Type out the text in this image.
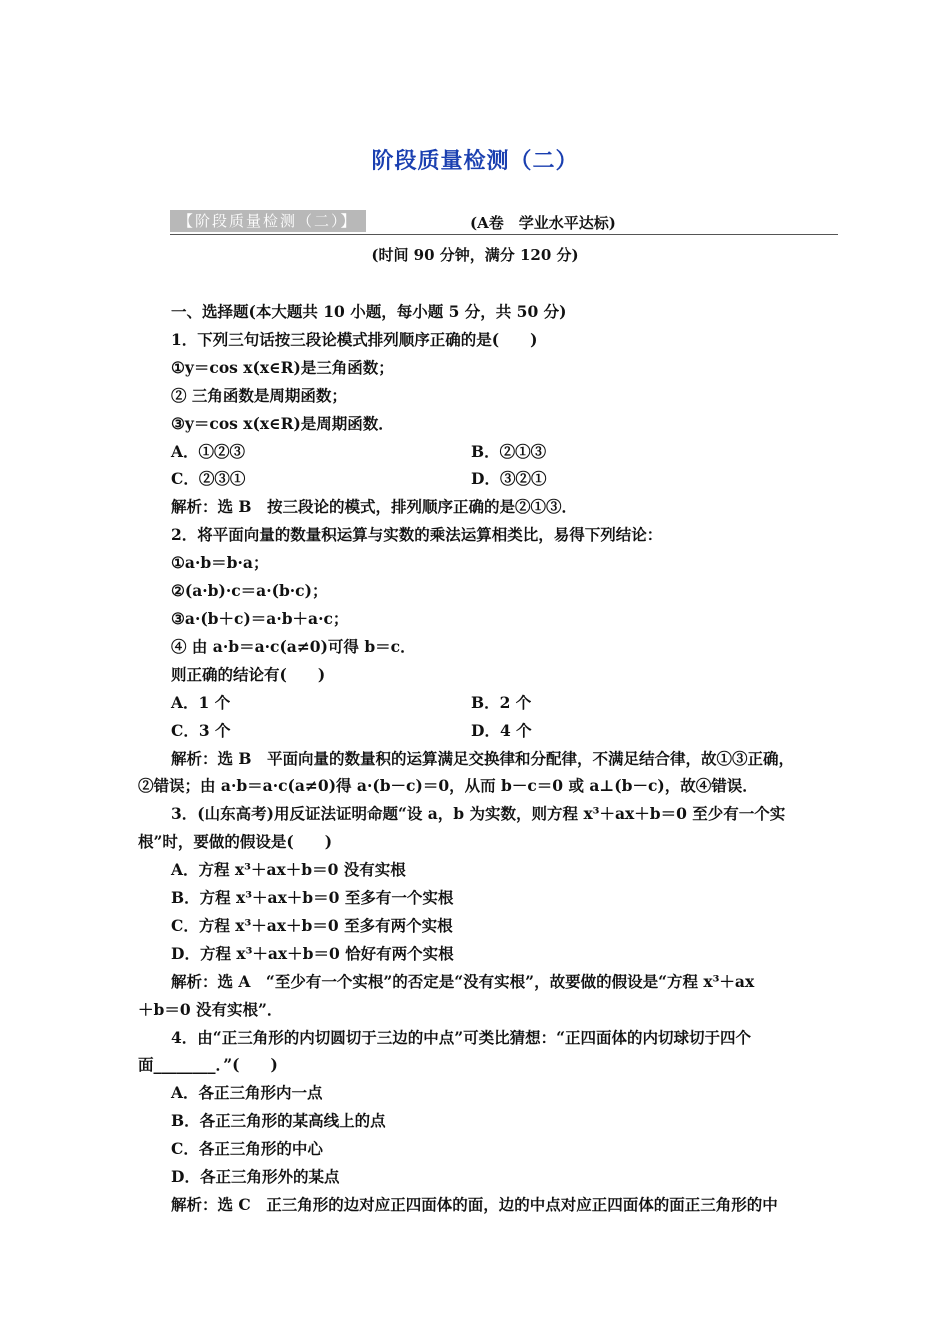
阶段质量检测（二）
【阶段质量检测（二）】	(A卷　学业水平达标)
(时间 90 分钟，满分 120 分)
一、选择题(本大题共 10 小题，每小题 5 分，共 50 分)
1．下列三句话按三段论模式排列顺序正确的是(　　)
①y＝cos x(x∈R)是三角函数；
② 三角函数是周期函数；
③y＝cos x(x∈R)是周期函数．
A．①②③	B．②①③
C．②③①	D．③②①
解析：选 B　按三段论的模式，排列顺序正确的是②①③．
2．将平面向量的数量积运算与实数的乘法运算相类比，易得下列结论：
①a·b＝b·a；
②(a·b)·c＝a·(b·c)；
③a·(b＋c)＝a·b＋a·c；
④ 由 a·b＝a·c(a≠0)可得 b＝c．
则正确的结论有(　　)
A．1 个	B．2 个
C．3 个	D．4 个
解析：选 B　平面向量的数量积的运算满足交换律和分配律，不满足结合律，故①③正确，
②错误；由 a·b＝a·c(a≠0)得 a·(b－c)＝0，从而 b－c＝0 或 a⊥(b－c)，故④错误．
3．(山东高考)用反证法证明命题“设 a，b 为实数，则方程 x³＋ax＋b＝0 至少有一个实
根”时，要做的假设是(　　)
A．方程 x³＋ax＋b＝0 没有实根
B．方程 x³＋ax＋b＝0 至多有一个实根
C．方程 x³＋ax＋b＝0 至多有两个实根
D．方程 x³＋ax＋b＝0 恰好有两个实根
解析：选 A　“至少有一个实根”的否定是“没有实根”，故要做的假设是“方程 x³＋ax
＋b＝0 没有实根”．
4．由“正三角形的内切圆切于三边的中点”可类比猜想：“正四面体的内切球切于四个
面________．”(　　)
A．各正三角形内一点
B．各正三角形的某高线上的点
C．各正三角形的中心
D．各正三角形外的某点
解析：选 C　正三角形的边对应正四面体的面，边的中点对应正四面体的面正三角形的中
